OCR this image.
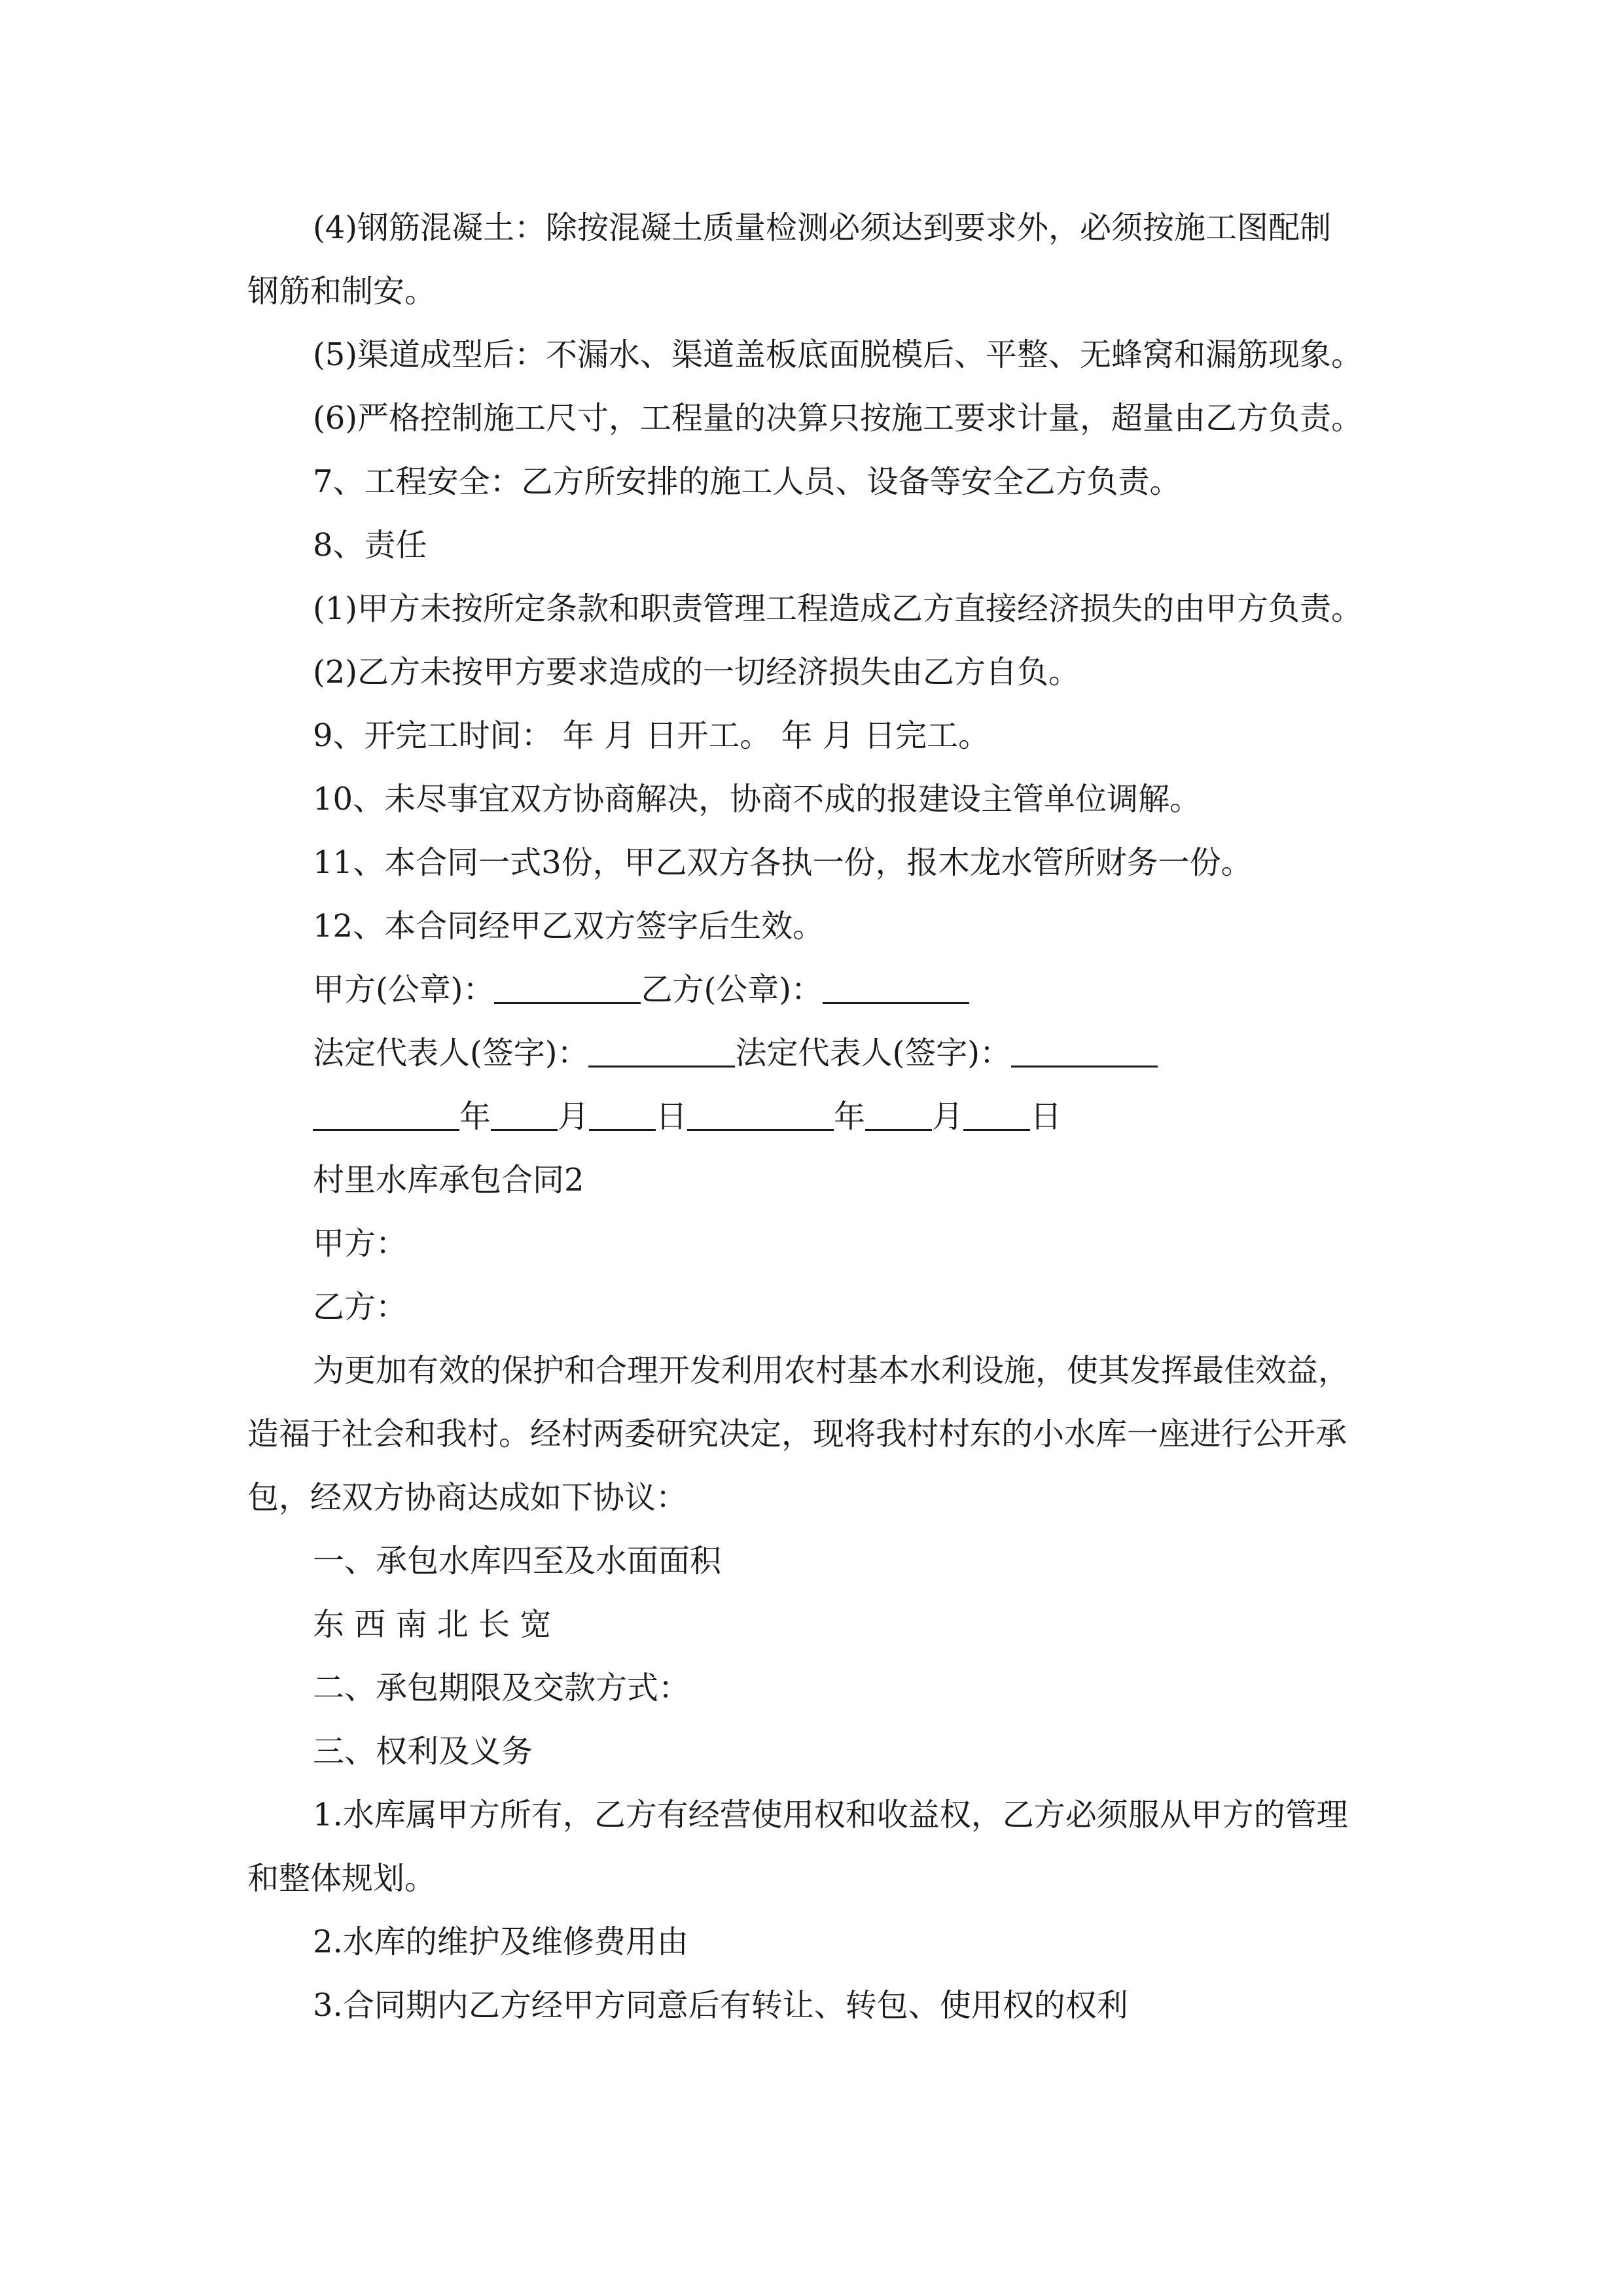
(4)钢筋混凝土：除按混凝土质量检测必须达到要求外，必须按施工图配制
钢筋和制安。
(5)渠道成型后：不漏水、渠道盖板底面脱模后、平整、无蜂窝和漏筋现象。
(6)严格控制施工尺寸，工程量的决算只按施工要求计量，超量由乙方负责。
7、工程安全：乙方所安排的施工人员、设备等安全乙方负责。
8、责任
(1)甲方未按所定条款和职责管理工程造成乙方直接经济损失的由甲方负责。
(2)乙方未按甲方要求造成的一切经济损失由乙方自负。
9、开完工时间： 年 月 日开工。 年 月 日完工。
10、未尽事宜双方协商解决，协商不成的报建设主管单位调解。
11、本合同一式3份，甲乙双方各执一份，报木龙水管所财务一份。
12、本合同经甲乙双方签字后生效。
甲方(公章)：	乙方(公章)：
法定代表人(签字)：	法定代表人(签字)：
年 月 日	年 月 日
村里水库承包合同2
甲方：
乙方：
为更加有效的保护和合理开发利用农村基本水利设施，使其发挥最佳效益，
造福于社会和我村。经村两委研究决定，现将我村村东的小水库一座进行公开承
包，经双方协商达成如下协议：
一、承包水库四至及水面面积
东 西 南 北 长 宽
二、承包期限及交款方式：
三、权利及义务
1.水库属甲方所有，乙方有经营使用权和收益权，乙方必须服从甲方的管理
和整体规划。
2.水库的维护及维修费用由
3.合同期内乙方经甲方同意后有转让、转包、使用权的权利
